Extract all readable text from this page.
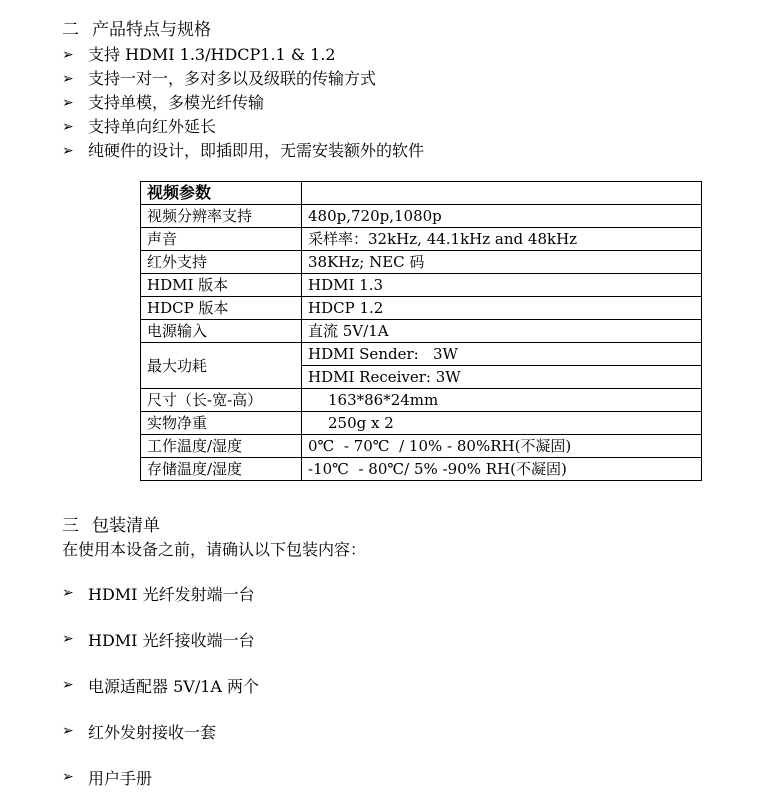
二 产品特点与规格
➢ 支持 HDMI 1.3/HDCP1.1 & 1.2
➢ 支持一对一，多对多以及级联的传输方式
➢ 支持单模，多模光纤传输
➢ 支持单向红外延长
➢ 纯硬件的设计，即插即用，无需安装额外的软件
视频参数	
视频分辨率支持	480p,720p,1080p
声音	采样率：32kHz, 44.1kHz and 48kHz
红外支持	38KHz; NEC 码
HDMI 版本	HDMI 1.3
HDCP 版本	HDCP 1.2
电源输入	直流 5V/1A
最大功耗	HDMI Sender:   3W
	HDMI Receiver: 3W
尺寸（长-宽-高）	163*86*24mm
实物净重	250g x 2
工作温度/湿度	0℃  - 70℃  / 10% - 80%RH(不凝固)
存储温度/湿度	-10℃  - 80℃/ 5% -90% RH(不凝固)
三 包装清单
在使用本设备之前，请确认以下包装内容：
➢ HDMI 光纤发射端一台
➢ HDMI 光纤接收端一台
➢ 电源适配器 5V/1A 两个
➢ 红外发射接收一套
➢ 用户手册
